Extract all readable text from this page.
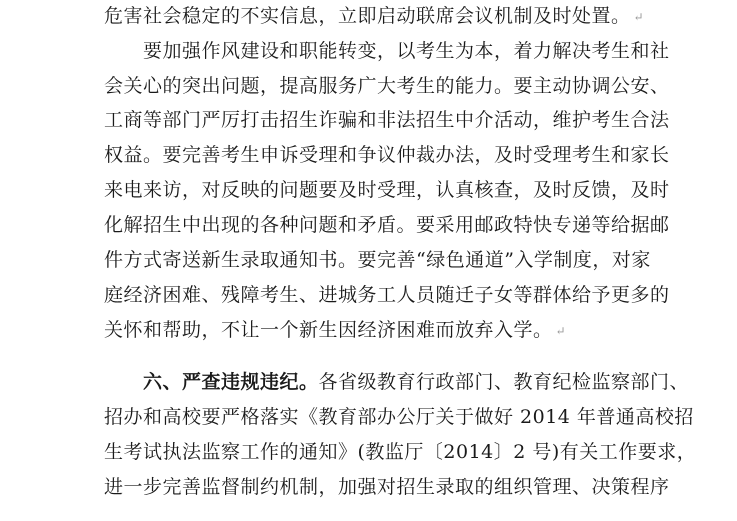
危害社会稳定的不实信息，立即启动联席会议机制及时处置。 ↵
要加强作风建设和职能转变，以考生为本，着力解决考生和社
会关心的突出问题，提高服务广大考生的能力。要主动协调公安、
工商等部门严厉打击招生诈骗和非法招生中介活动，维护考生合法
权益。要完善考生申诉受理和争议仲裁办法，及时受理考生和家长
来电来访，对反映的问题要及时受理，认真核查，及时反馈，及时
化解招生中出现的各种问题和矛盾。要采用邮政特快专递等给据邮
件方式寄送新生录取通知书。要完善“绿色通道”入学制度，对家
庭经济困难、残障考生、进城务工人员随迁子女等群体给予更多的
关怀和帮助，不让一个新生因经济困难而放弃入学。 ↵
六、严查违规违纪。各省级教育行政部门、教育纪检监察部门、
招办和高校要严格落实《教育部办公厅关于做好 2014 年普通高校招
生考试执法监察工作的通知》(教监厅〔2014〕2 号)有关工作要求，
进一步完善监督制约机制，加强对招生录取的组织管理、决策程序
